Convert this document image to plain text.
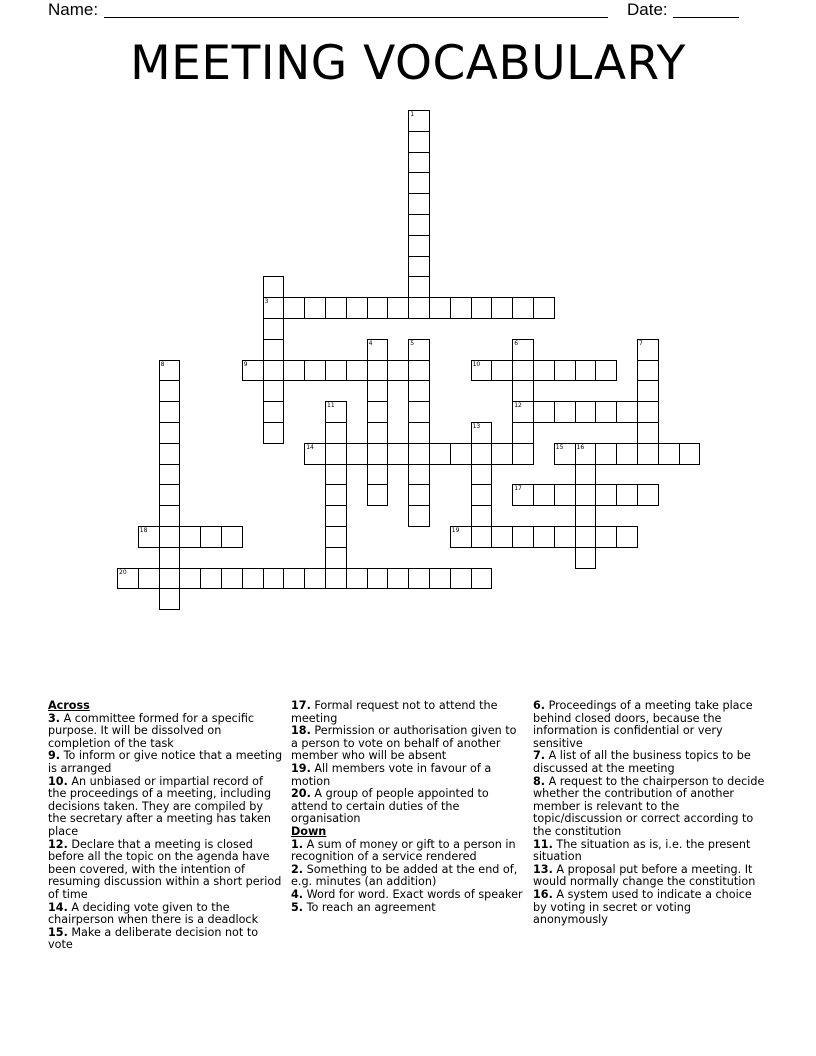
Name:	Date:
MEETING VOCABULARY
1
3
4	5	6
12
7
8	9	10
11
13
14	15 16
17
18	19
20
Across

3. A committee formed for a specific purpose. It will be dissolved on completion of the task

9. To inform or give notice that a meeting is arranged

10. An unbiased or impartial record of the proceedings of a meeting, including decisions taken. They are compiled by the secretary after a meeting has taken place

12. Declare that a meeting is closed before all the topic on the agenda have been covered, with the intention of resuming discussion within a short period of time

14. A deciding vote given to the chairperson when there is a deadlock

15. Make a deliberate decision not to vote

17. Formal request not to attend the meeting

18. Permission or authorisation given to a person to vote on behalf of another member who will be absent

19. All members vote in favour of a motion

20. A group of people appointed to attend to certain duties of the organisation

Down

1. A sum of money or gift to a person in recognition of a service rendered

2. Something to be added at the end of, e.g. minutes (an addition)

4. Word for word. Exact words of speaker

5. To reach an agreement

6. Proceedings of a meeting take place behind closed doors, because the information is confidential or very sensitive

7. A list of all the business topics to be discussed at the meeting

8. A request to the chairperson to decide whether the contribution of another member is relevant to the topic/discussion or correct according to the constitution

11. The situation as is, i.e. the present situation

13. A proposal put before a meeting. It would normally change the constitution

16. A system used to indicate a choice by voting in secret or voting anonymously
